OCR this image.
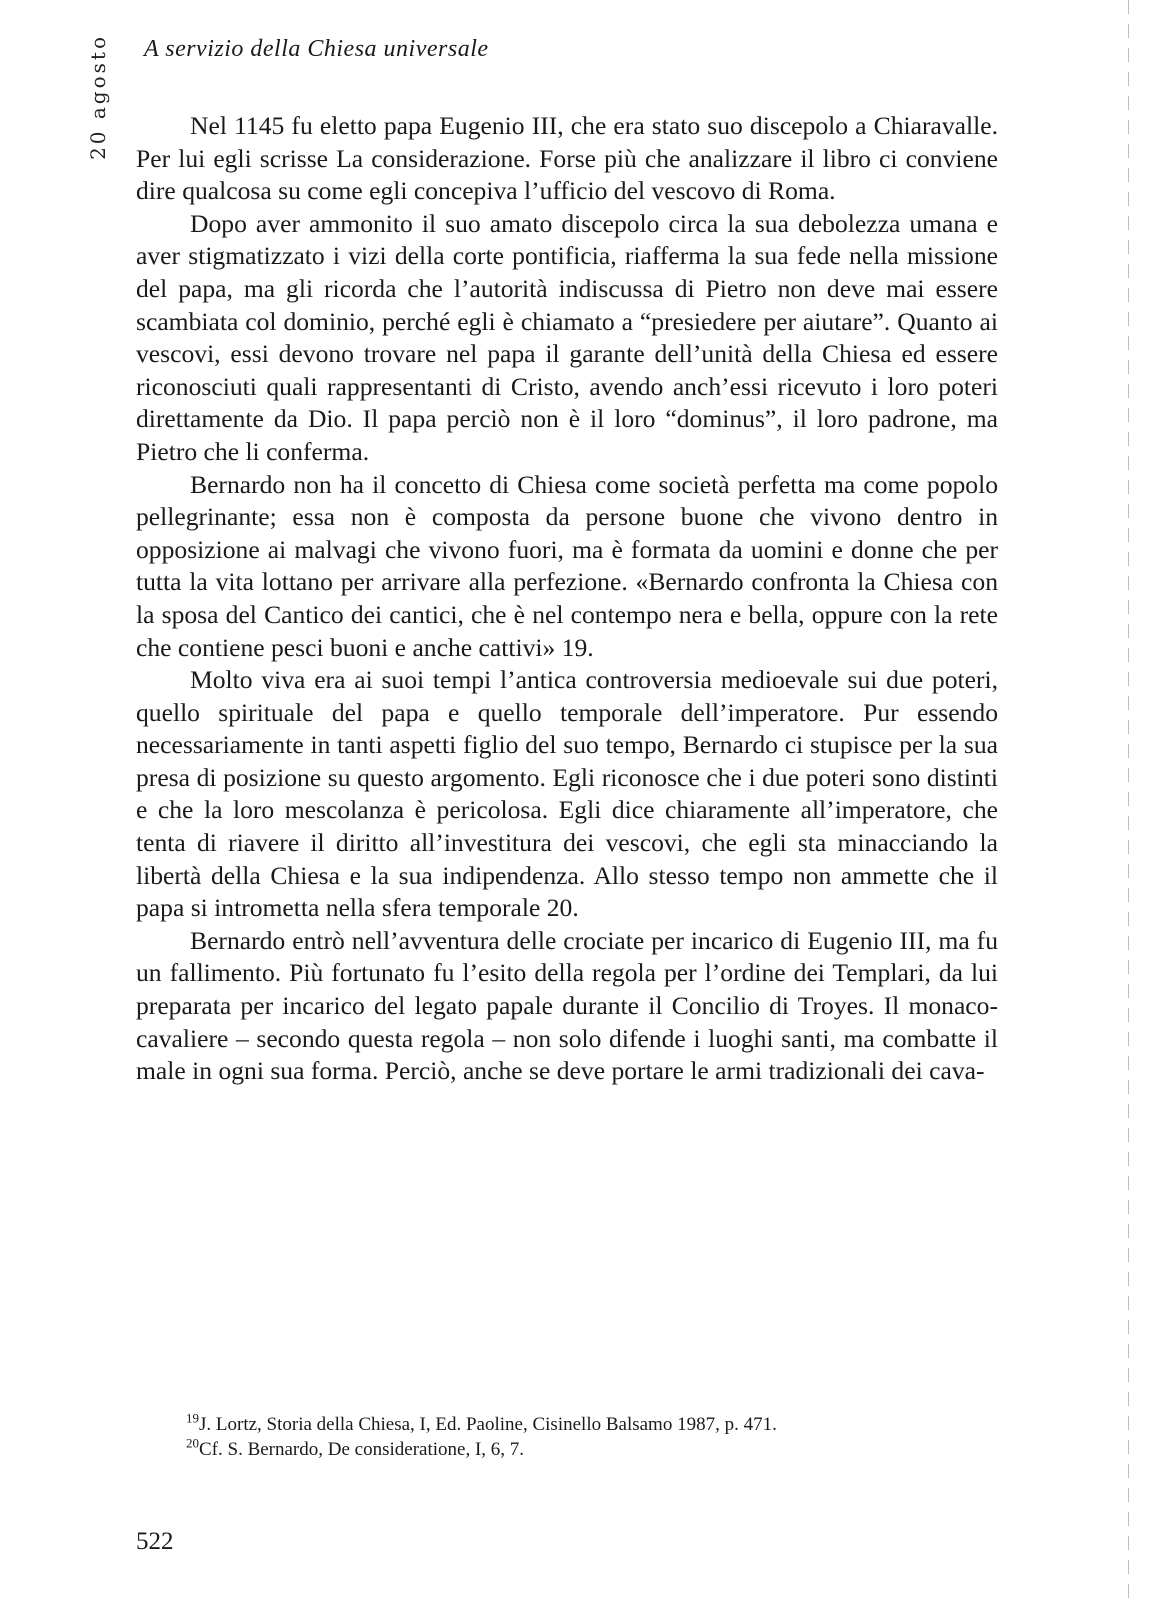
20 agosto A servizio della Chiesa universale

Nel 1145 fu eletto papa Eugenio III, che era stato suo discepolo a Chiaravalle. Per lui egli scrisse La considerazione. Forse più che analizzare il libro ci conviene dire qualcosa su come egli concepiva l’ufficio del vescovo di Roma.

Dopo aver ammonito il suo amato discepolo circa la sua debolezza umana e aver stigmatizzato i vizi della corte pontificia, riafferma la sua fede nella missione del papa, ma gli ricorda che l’autorità indiscussa di Pietro non deve mai essere scambiata col dominio, perché egli è chiamato a “presiedere per aiutare”. Quanto ai vescovi, essi devono trovare nel papa il garante dell’unità della Chiesa ed essere riconosciuti quali rappresentanti di Cristo, avendo anch’essi ricevuto i loro poteri direttamente da Dio. Il papa perciò non è il loro “dominus”, il loro padrone, ma Pietro che li conferma.

Bernardo non ha il concetto di Chiesa come società perfetta ma come popolo pellegrinante; essa non è composta da persone buone che vivono dentro in opposizione ai malvagi che vivono fuori, ma è formata da uomini e donne che per tutta la vita lottano per arrivare alla perfezione. «Bernardo confronta la Chiesa con la sposa del Cantico dei cantici, che è nel contempo nera e bella, oppure con la rete che contiene pesci buoni e anche cattivi» 19.

Molto viva era ai suoi tempi l’antica controversia medioevale sui due poteri, quello spirituale del papa e quello temporale dell’imperatore. Pur essendo necessariamente in tanti aspetti figlio del suo tempo, Bernardo ci stupisce per la sua presa di posizione su questo argomento. Egli riconosce che i due poteri sono distinti e che la loro mescolanza è pericolosa. Egli dice chiaramente all’imperatore, che tenta di riavere il diritto all’investitura dei vescovi, che egli sta minacciando la libertà della Chiesa e la sua indipendenza. Allo stesso tempo non ammette che il papa si intrometta nella sfera temporale 20.

Bernardo entrò nell’avventura delle crociate per incarico di Eugenio III, ma fu un fallimento. Più fortunato fu l’esito della regola per l’ordine dei Templari, da lui preparata per incarico del legato papale durante il Concilio di Troyes. Il monaco-cavaliere – secondo questa regola – non solo difende i luoghi santi, ma combatte il male in ogni sua forma. Perciò, anche se deve portare le armi tradizionali dei cava-

$^{19}$J. Lortz, Storia della Chiesa, I, Ed. Paoline, Cisinello Balsamo 1987, p. 471.

$^{20}$Cf. S. Bernardo, De consideratione, I, 6, 7.

522
